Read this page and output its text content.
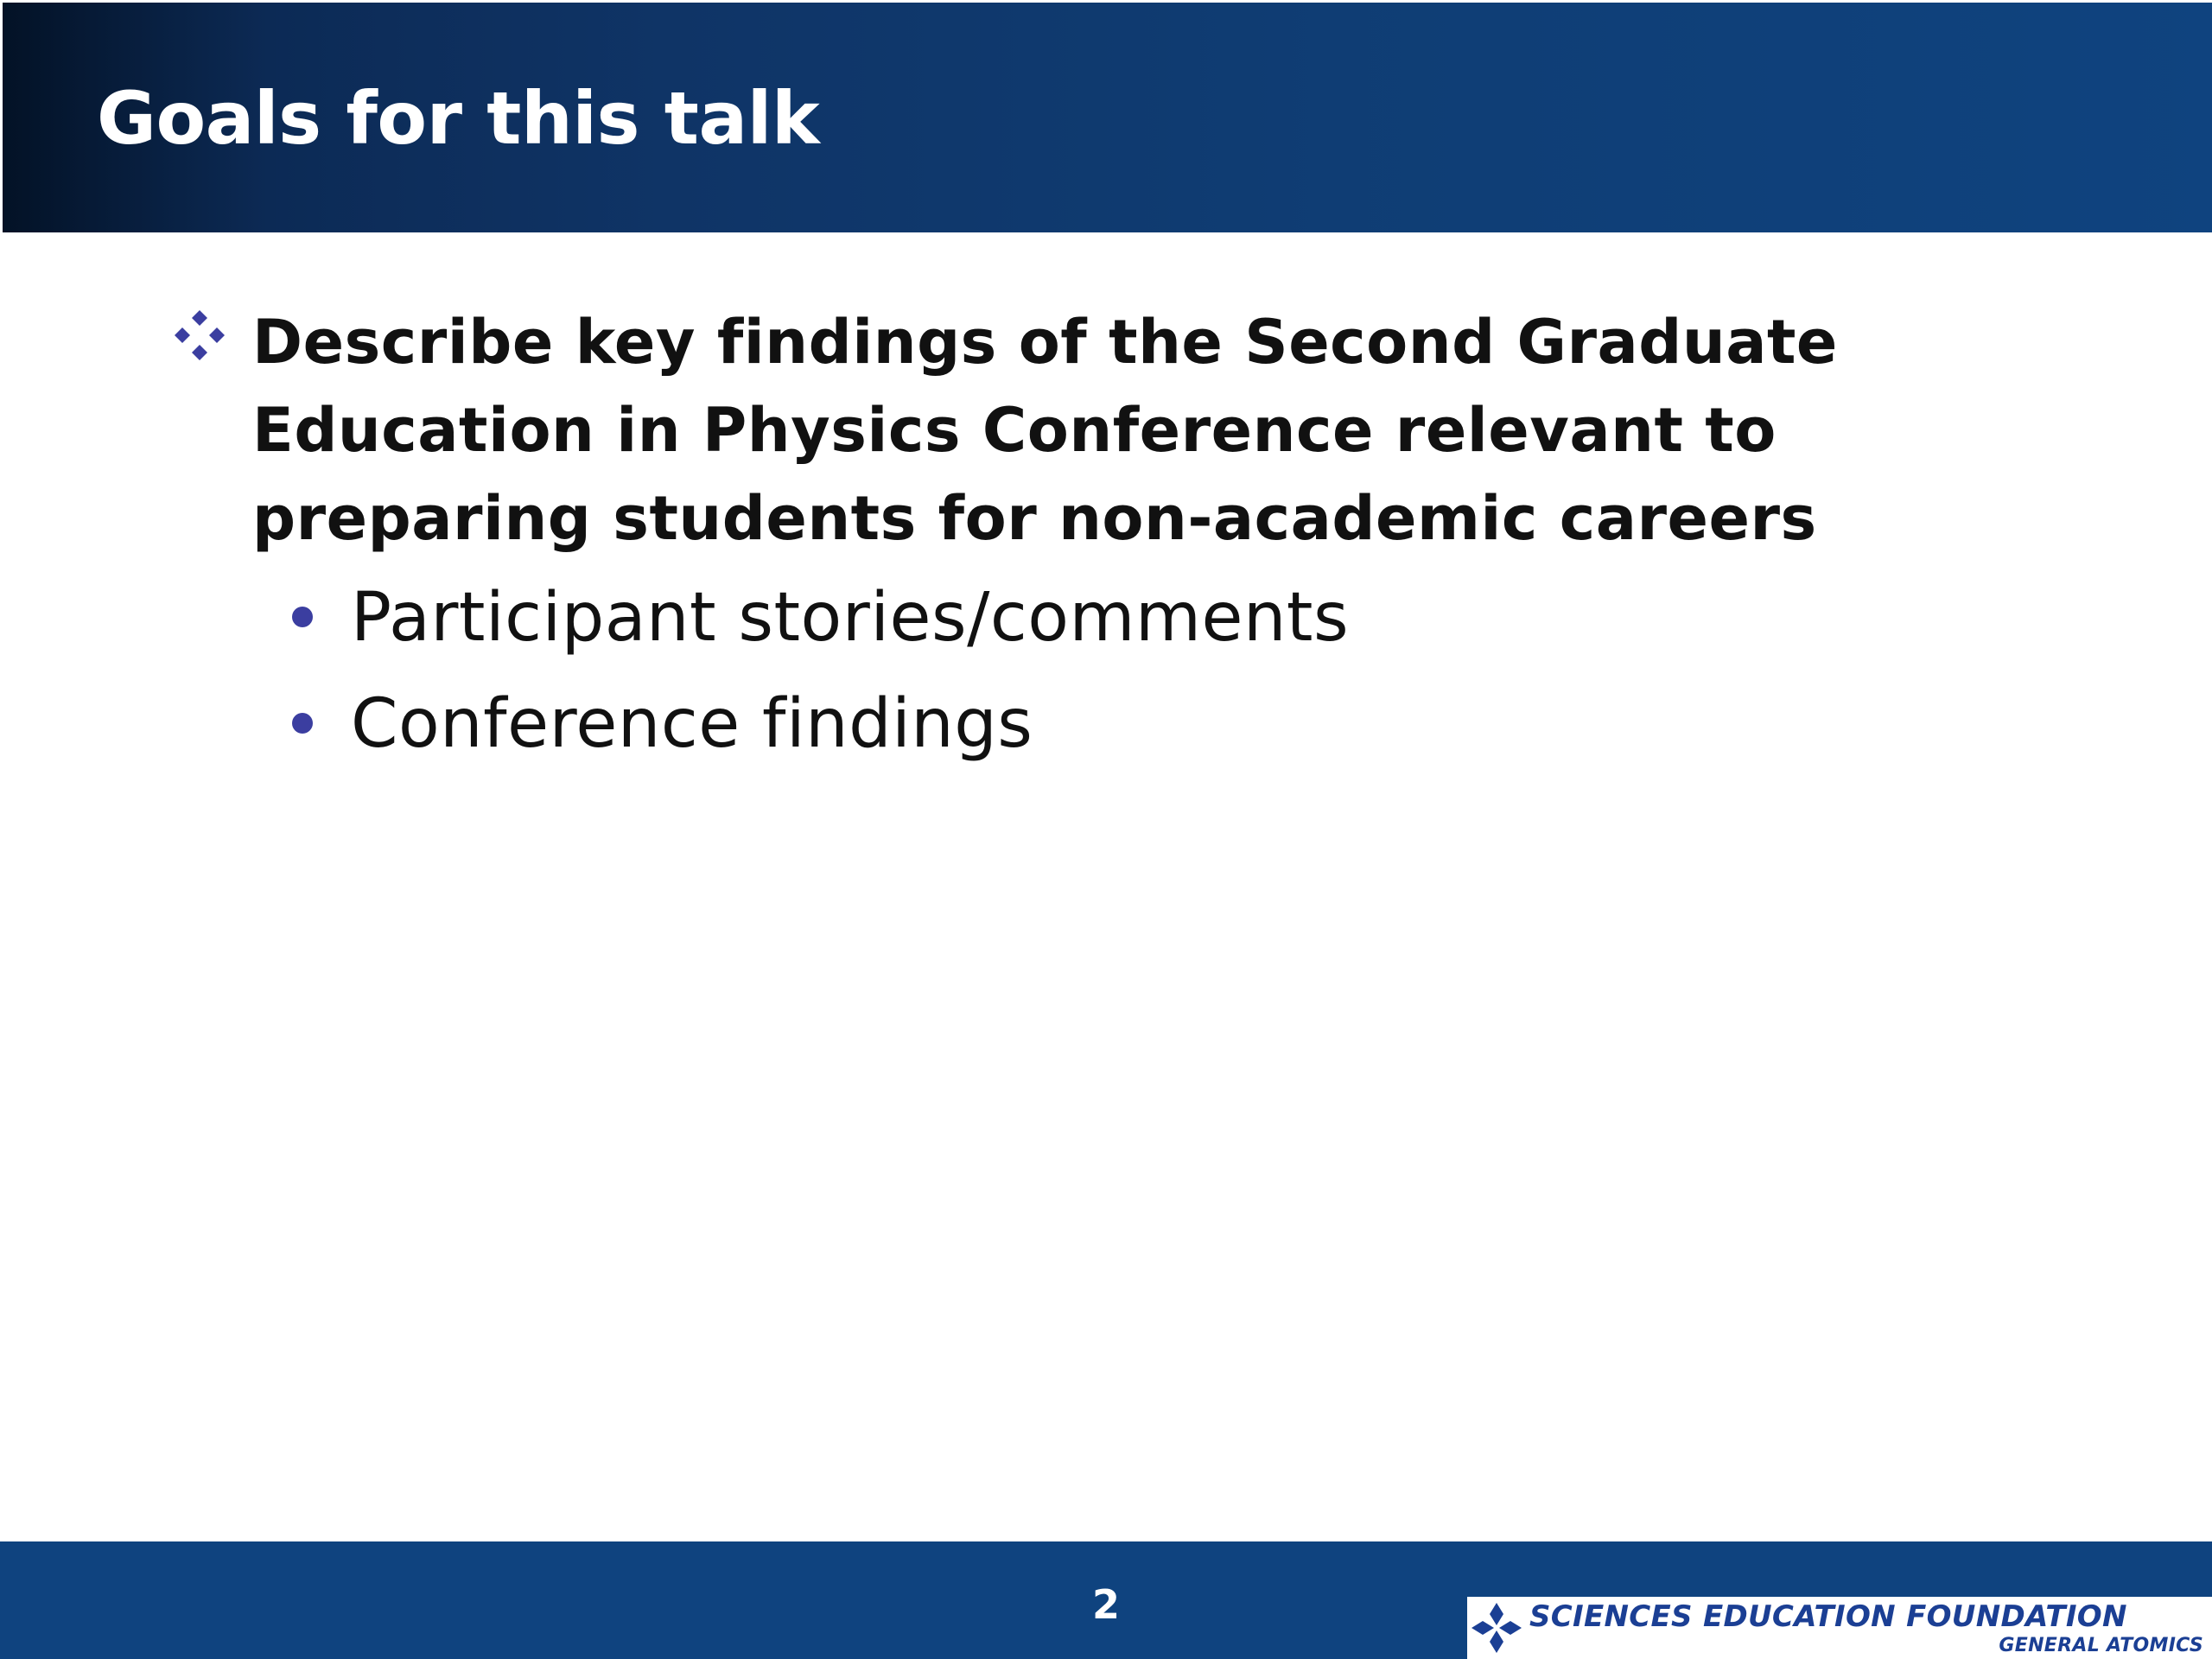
Goals for this talk

Describe key findings of the Second Graduate Education in Physics Conference relevant to preparing students for non-academic careers

Participant stories/comments

Conference findings

2	SCIENCES EDUCATION FOUNDATION

GENERAL ATOMICS
